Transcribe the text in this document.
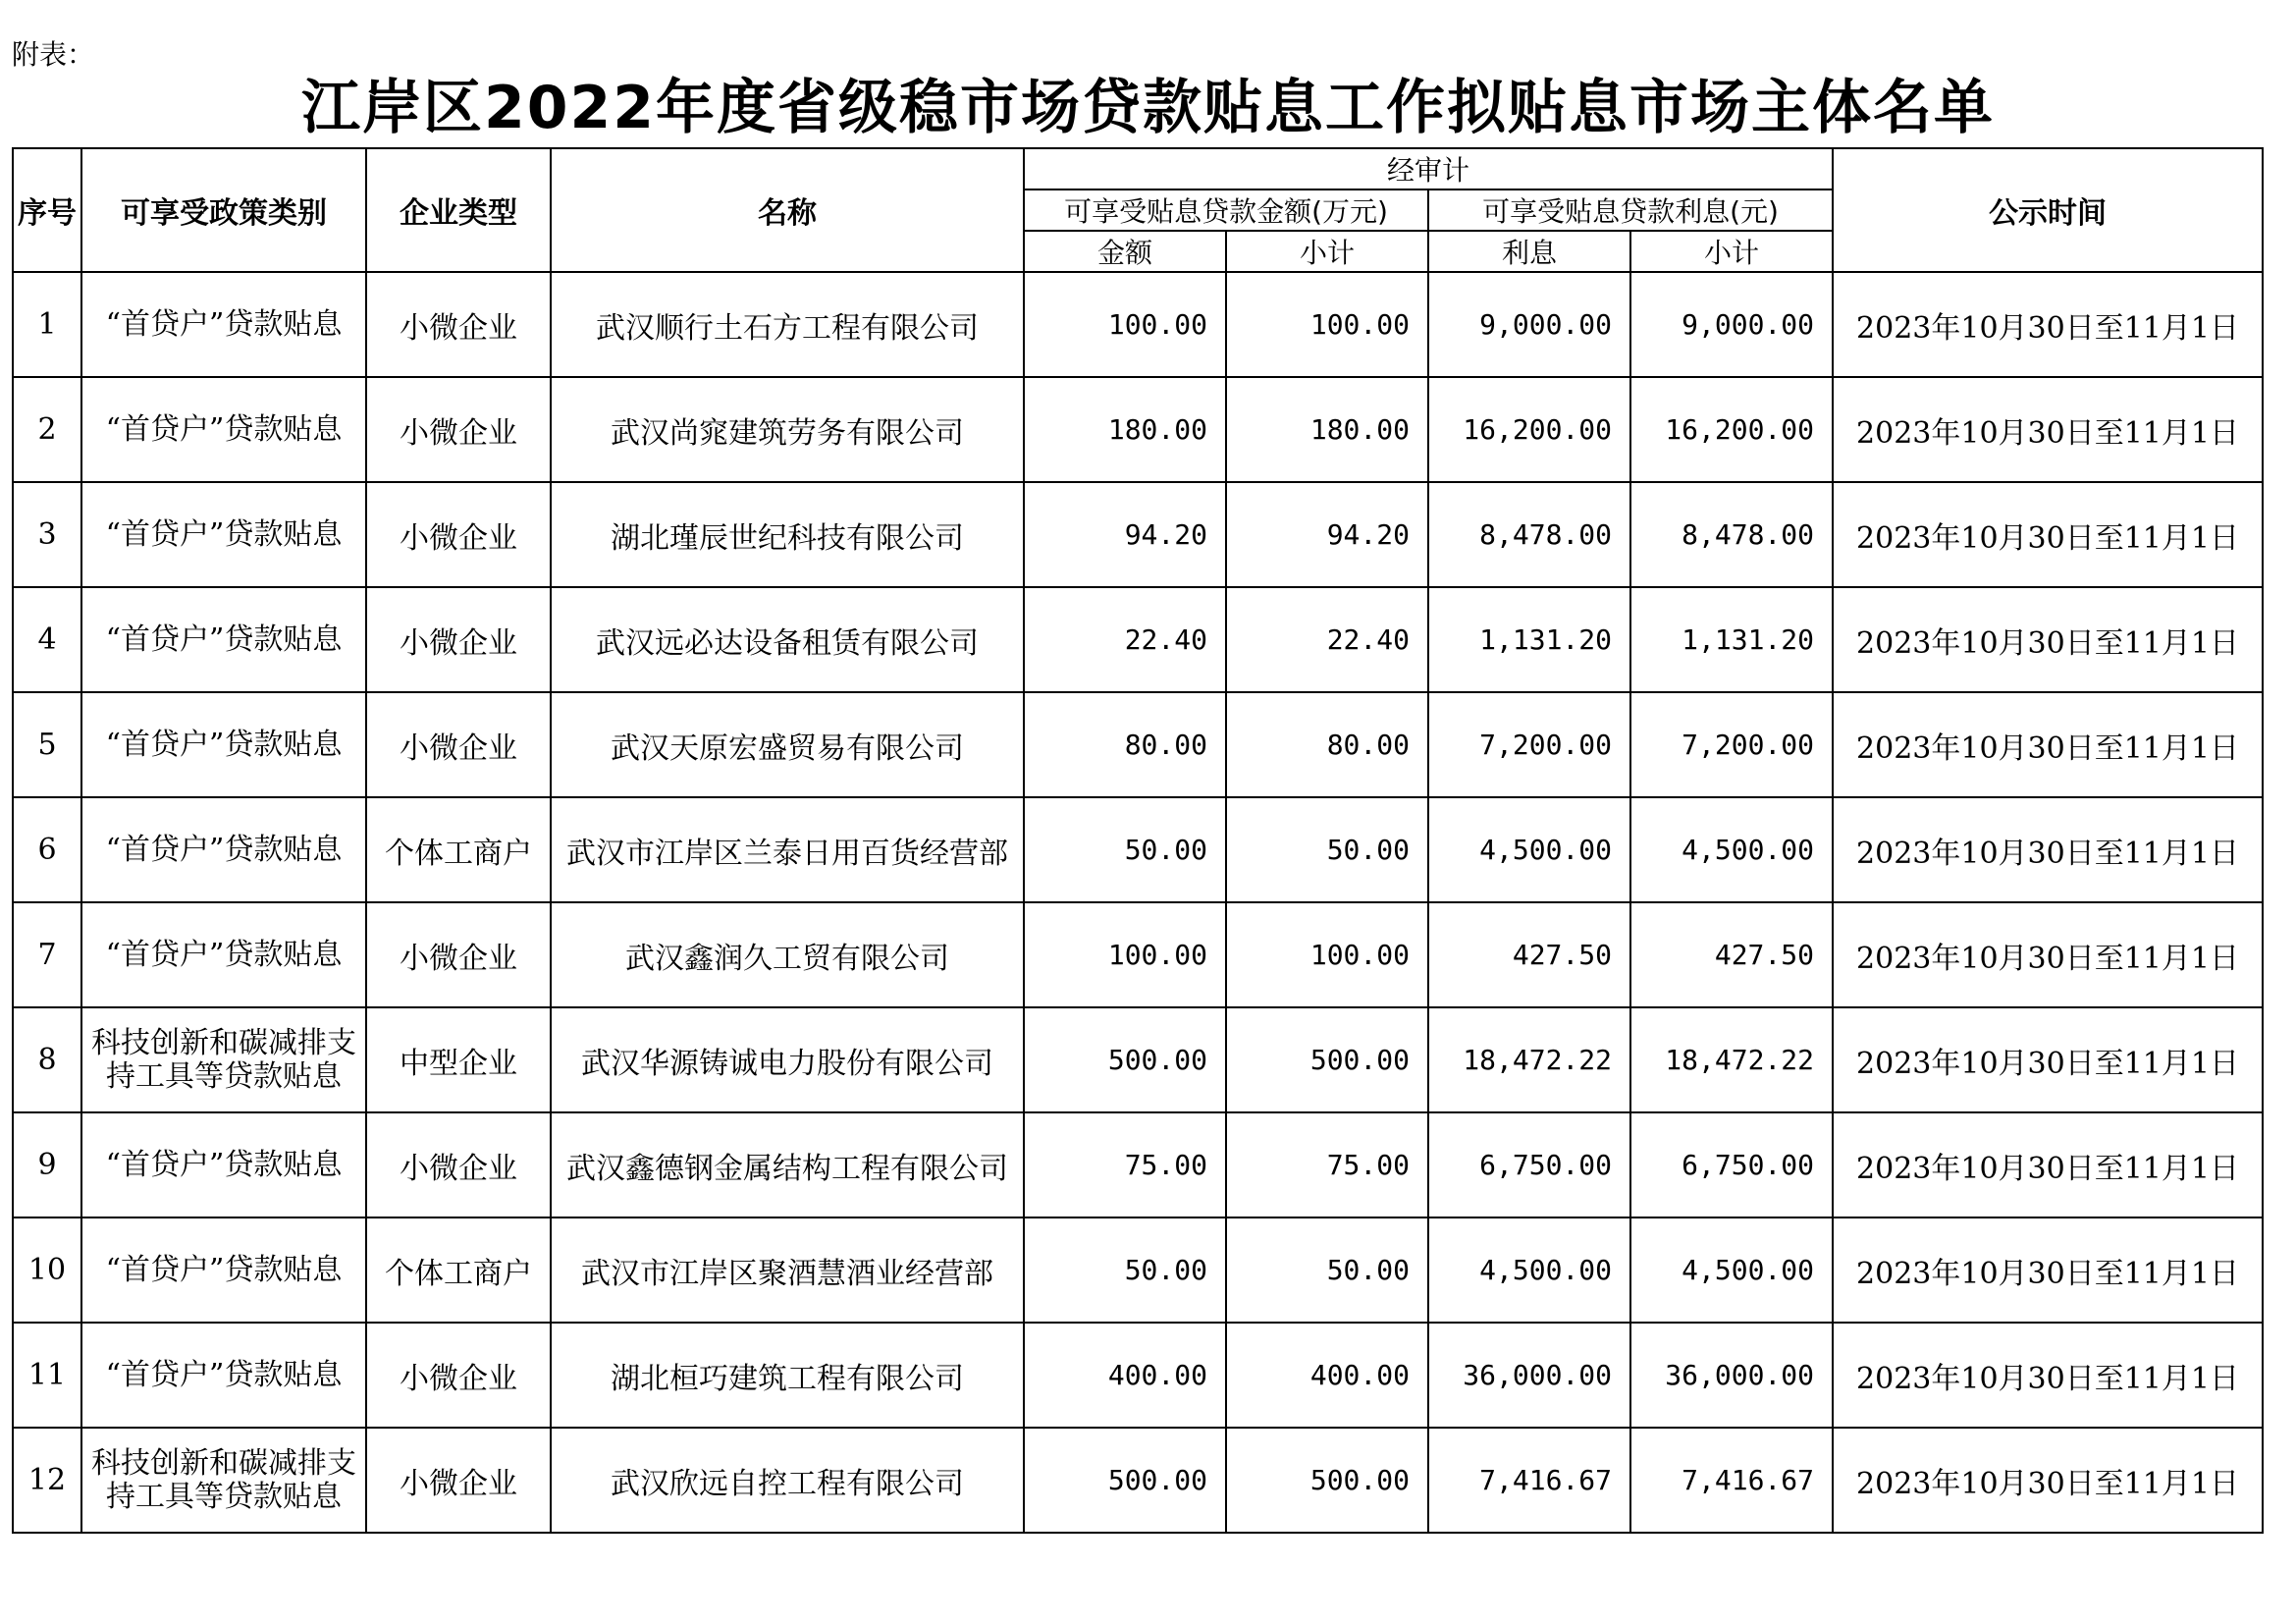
附表：
江岸区2022年度省级稳市场贷款贴息工作拟贴息市场主体名单
序号	可享受政策类别	企业类型	名称	经审计				公示时间
				可享受贴息贷款金额(万元)		可享受贴息贷款利息(元)		
				金额	小计	利息	小计	
1	“首贷户”贷款贴息	小微企业	武汉顺行土石方工程有限公司	100.00	100.00	9,000.00	9,000.00	2023年10月30日至11月1日
2	“首贷户”贷款贴息	小微企业	武汉尚窕建筑劳务有限公司	180.00	180.00	16,200.00	16,200.00	2023年10月30日至11月1日
3	“首贷户”贷款贴息	小微企业	湖北瑾辰世纪科技有限公司	94.20	94.20	8,478.00	8,478.00	2023年10月30日至11月1日
4	“首贷户”贷款贴息	小微企业	武汉远必达设备租赁有限公司	22.40	22.40	1,131.20	1,131.20	2023年10月30日至11月1日
5	“首贷户”贷款贴息	小微企业	武汉天原宏盛贸易有限公司	80.00	80.00	7,200.00	7,200.00	2023年10月30日至11月1日
6	“首贷户”贷款贴息	个体工商户	武汉市江岸区兰泰日用百货经营部	50.00	50.00	4,500.00	4,500.00	2023年10月30日至11月1日
7	“首贷户”贷款贴息	小微企业	武汉鑫润久工贸有限公司	100.00	100.00	427.50	427.50	2023年10月30日至11月1日
8	科技创新和碳减排支持工具等贷款贴息	中型企业	武汉华源铸诚电力股份有限公司	500.00	500.00	18,472.22	18,472.22	2023年10月30日至11月1日
9	“首贷户”贷款贴息	小微企业	武汉鑫德钢金属结构工程有限公司	75.00	75.00	6,750.00	6,750.00	2023年10月30日至11月1日
10	“首贷户”贷款贴息	个体工商户	武汉市江岸区聚酒慧酒业经营部	50.00	50.00	4,500.00	4,500.00	2023年10月30日至11月1日
11	“首贷户”贷款贴息	小微企业	湖北桓巧建筑工程有限公司	400.00	400.00	36,000.00	36,000.00	2023年10月30日至11月1日
12	科技创新和碳减排支持工具等贷款贴息	小微企业	武汉欣远自控工程有限公司	500.00	500.00	7,416.67	7,416.67	2023年10月30日至11月1日
